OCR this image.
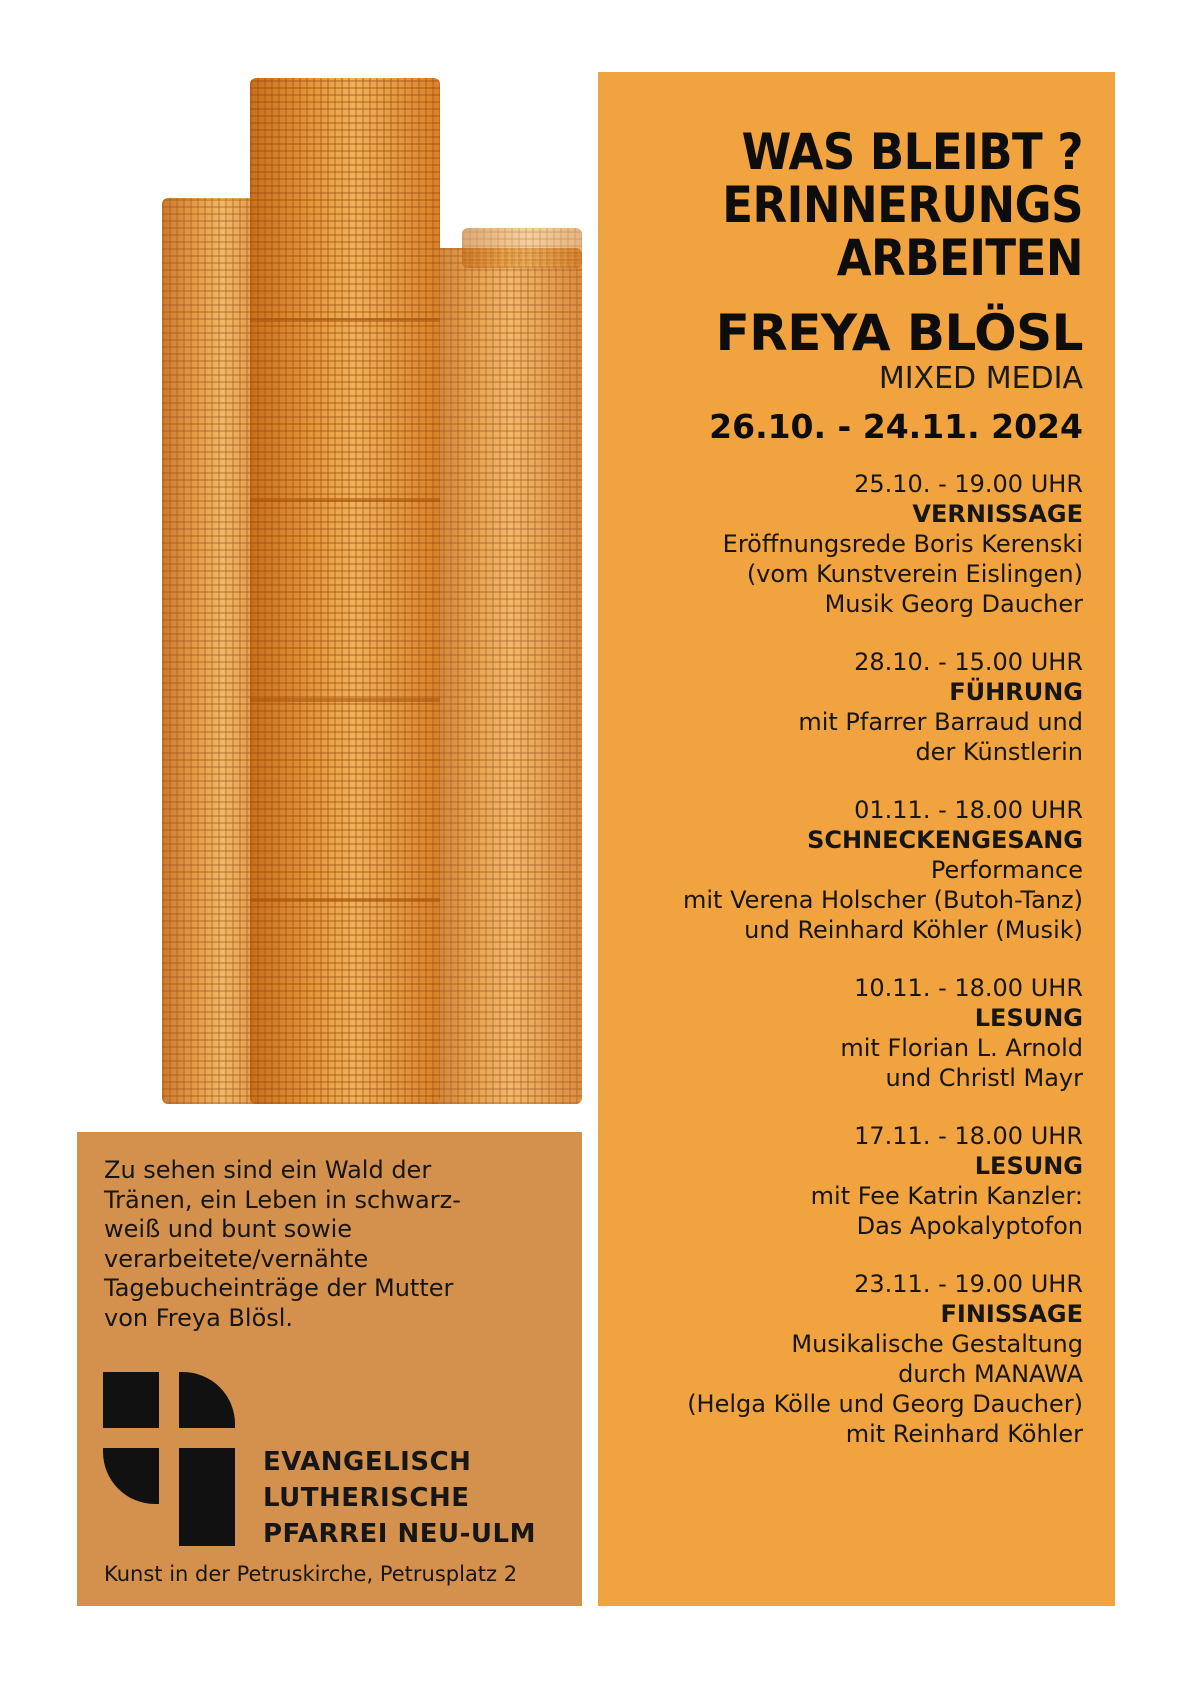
Zu sehen sind ein Wald der
Tränen, ein Leben in schwarz-
weiß und bunt sowie
verarbeitete/vernähte
Tagebucheinträge der Mutter
von Freya Blösl.
EVANGELISCH
LUTHERISCHE
PFARREI NEU-ULM
Kunst in der Petruskirche, Petrusplatz 2
WAS BLEIBT ?
ERINNERUNGS
ARBEITEN
FREYA BLÖSL
MIXED MEDIA
26.10. - 24.11. 2024
25.10. - 19.00 UHR
VERNISSAGE
Eröffnungsrede Boris Kerenski
(vom Kunstverein Eislingen)
Musik Georg Daucher
28.10. - 15.00 UHR
FÜHRUNG
mit Pfarrer Barraud und
der Künstlerin
01.11. - 18.00 UHR
SCHNECKENGESANG
Performance
mit Verena Holscher (Butoh-Tanz)
und Reinhard Köhler (Musik)
10.11. - 18.00 UHR
LESUNG
mit Florian L. Arnold
und Christl Mayr
17.11. - 18.00 UHR
LESUNG
mit Fee Katrin Kanzler:
Das Apokalyptofon
23.11. - 19.00 UHR
FINISSAGE
Musikalische Gestaltung
durch MANAWA
(Helga Kölle und Georg Daucher)
mit Reinhard Köhler
